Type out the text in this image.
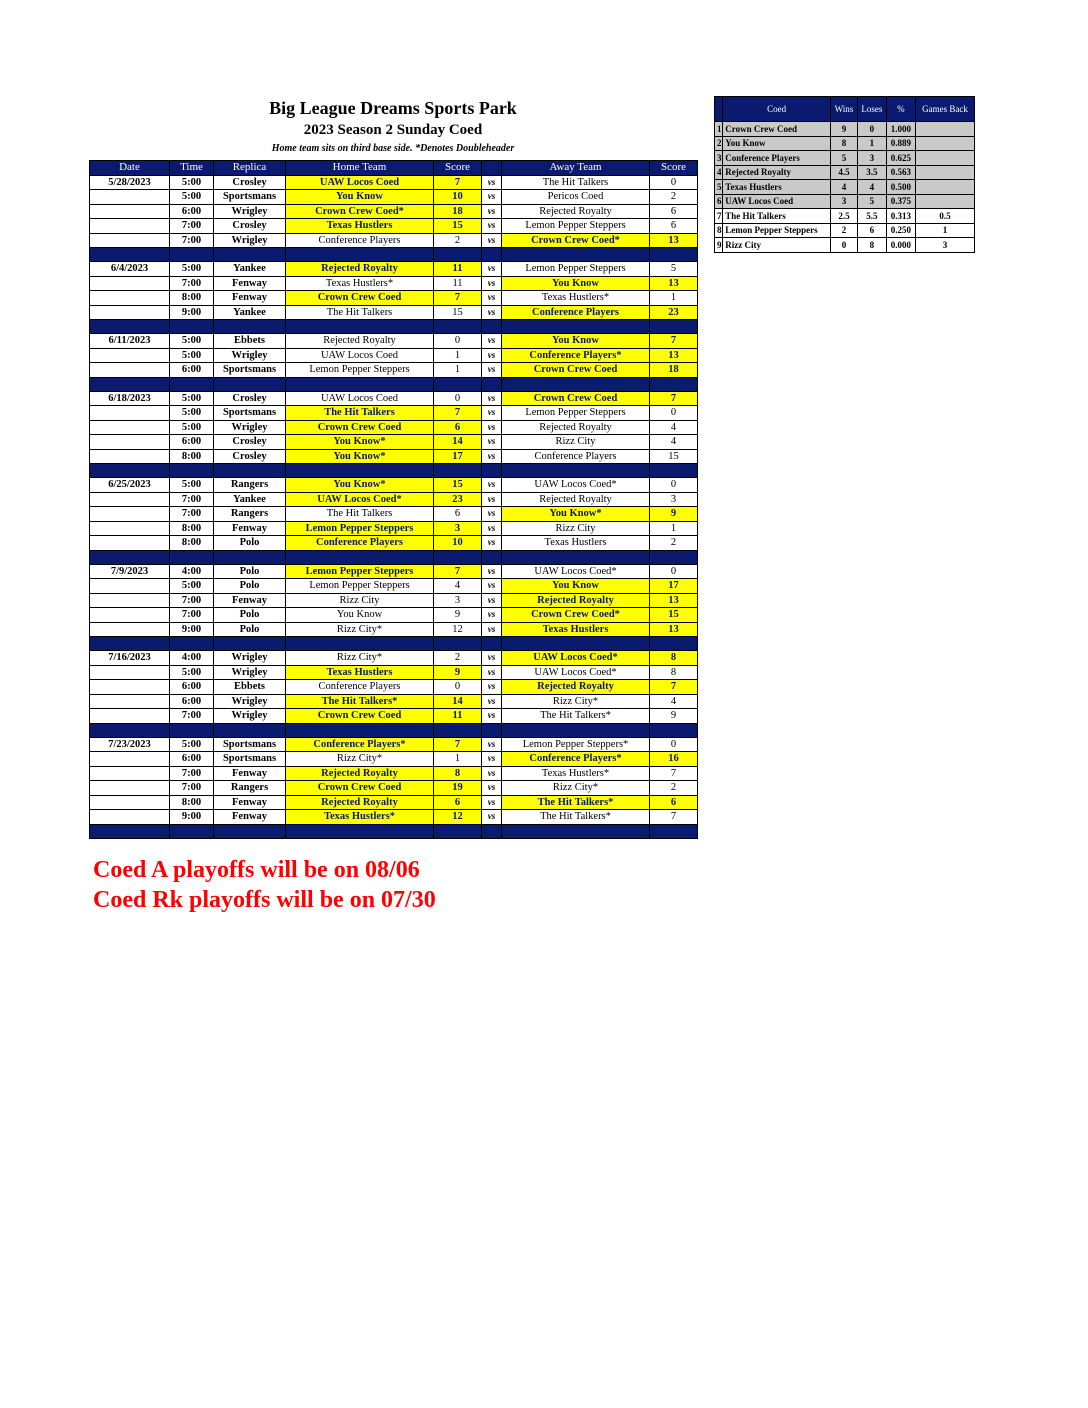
Big League Dreams Sports Park
2023 Season 2 Sunday Coed
Home team sits on third base side. *Denotes Doubleheader
Date	Time	Replica	Home Team	Score		Away Team	Score
5/28/2023	5:00	Crosley	UAW Locos Coed	7	vs	The Hit Talkers	0
	5:00	Sportsmans	You Know	10	vs	Pericos Coed	2
	6:00	Wrigley	Crown Crew Coed*	18	vs	Rejected Royalty	6
	7:00	Crosley	Texas Hustlers	15	vs	Lemon Pepper Steppers	6
	7:00	Wrigley	Conference Players	2	vs	Crown Crew Coed*	13

6/4/2023	5:00	Yankee	Rejected Royalty	11	vs	Lemon Pepper Steppers	5
	7:00	Fenway	Texas Hustlers*	11	vs	You Know	13
	8:00	Fenway	Crown Crew Coed	7	vs	Texas Hustlers*	1
	9:00	Yankee	The Hit Talkers	15	vs	Conference Players	23

6/11/2023	5:00	Ebbets	Rejected Royalty	0	vs	You Know	7
	5:00	Wrigley	UAW Locos Coed	1	vs	Conference Players*	13
	6:00	Sportsmans	Lemon Pepper Steppers	1	vs	Crown Crew Coed	18

6/18/2023	5:00	Crosley	UAW Locos Coed	0	vs	Crown Crew Coed	7
	5:00	Sportsmans	The Hit Talkers	7	vs	Lemon Pepper Steppers	0
	5:00	Wrigley	Crown Crew Coed	6	vs	Rejected Royalty	4
	6:00	Crosley	You Know*	14	vs	Rizz City	4
	8:00	Crosley	You Know*	17	vs	Conference Players	15

6/25/2023	5:00	Rangers	You Know*	15	vs	UAW Locos Coed*	0
	7:00	Yankee	UAW Locos Coed*	23	vs	Rejected Royalty	3
	7:00	Rangers	The Hit Talkers	6	vs	You Know*	9
	8:00	Fenway	Lemon Pepper Steppers	3	vs	Rizz City	1
	8:00	Polo	Conference Players	10	vs	Texas Hustlers	2

7/9/2023	4:00	Polo	Lemon Pepper Steppers	7	vs	UAW Locos Coed*	0
	5:00	Polo	Lemon Pepper Steppers	4	vs	You Know	17
	7:00	Fenway	Rizz City	3	vs	Rejected Royalty	13
	7:00	Polo	You Know	9	vs	Crown Crew Coed*	15
	9:00	Polo	Rizz City*	12	vs	Texas Hustlers	13

7/16/2023	4:00	Wrigley	Rizz City*	2	vs	UAW Locos Coed*	8
	5:00	Wrigley	Texas Hustlers	9	vs	UAW Locos Coed*	8
	6:00	Ebbets	Conference Players	0	vs	Rejected Royalty	7
	6:00	Wrigley	The Hit Talkers*	14	vs	Rizz City*	4
	7:00	Wrigley	Crown Crew Coed	11	vs	The Hit Talkers*	9

7/23/2023	5:00	Sportsmans	Conference Players*	7	vs	Lemon Pepper Steppers*	0
	6:00	Sportsmans	Rizz City*	1	vs	Conference Players*	16
	7:00	Fenway	Rejected Royalty	8	vs	Texas Hustlers*	7
	7:00	Rangers	Crown Crew Coed	19	vs	Rizz City*	2
	8:00	Fenway	Rejected Royalty	6	vs	The Hit Talkers*	6
	9:00	Fenway	Texas Hustlers*	12	vs	The Hit Talkers*	7

	Coed	Wins	Loses	%	Games Back
1	Crown Crew Coed	9	0	1.000	
2	You Know	8	1	0.889	
3	Conference Players	5	3	0.625	
4	Rejected Royalty	4.5	3.5	0.563	
5	Texas Hustlers	4	4	0.500	
6	UAW Locos Coed	3	5	0.375	
7	The Hit Talkers	2.5	5.5	0.313	0.5
8	Lemon Pepper Steppers	2	6	0.250	1
9	Rizz City	0	8	0.000	3
Coed A playoffs will be on 08/06
Coed Rk playoffs will be on 07/30
